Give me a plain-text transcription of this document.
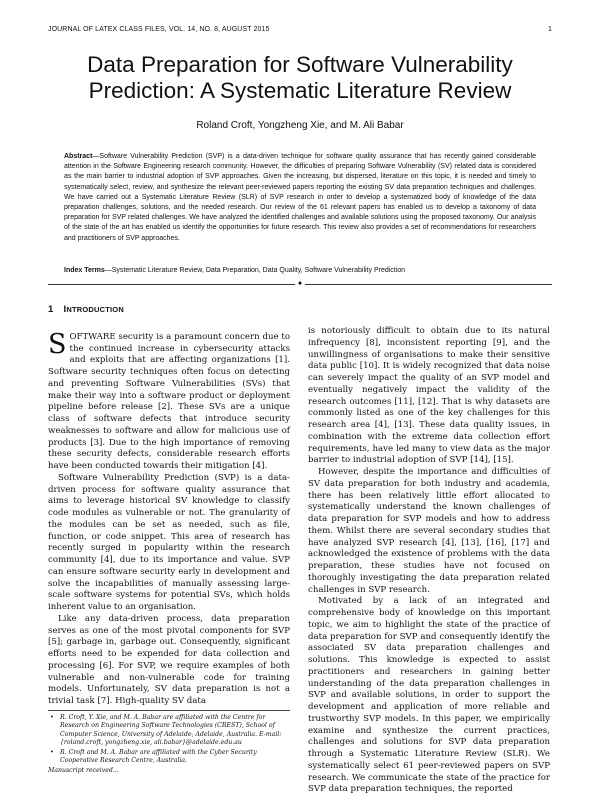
JOURNAL OF LATEX CLASS FILES, VOL. 14, NO. 8, AUGUST 2015	1
Data Preparation for Software Vulnerability Prediction: A Systematic Literature Review
Roland Croft, Yongzheng Xie, and M. Ali Babar
Abstract—Software Vulnerability Prediction (SVP) is a data-driven technique for software quality assurance that has recently gained considerable attention in the Software Engineering research community. However, the difficulties of preparing Software Vulnerability (SV) related data is considered as the main barrier to industrial adoption of SVP approaches. Given the increasing, but dispersed, literature on this topic, it is needed and timely to systematically select, review, and synthesize the relevant peer-reviewed papers reporting the existing SV data preparation techniques and challenges. We have carried out a Systematic Literature Review (SLR) of SVP research in order to develop a systematized body of knowledge of the data preparation challenges, solutions, and the needed research. Our review of the 61 relevant papers has enabled us to develop a taxonomy of data preparation for SVP related challenges. We have analyzed the identified challenges and available solutions using the proposed taxonomy. Our analysis of the state of the art has enabled us identify the opportunities for future research. This review also provides a set of recommendations for researchers and practitioners of SVP approaches.
Index Terms—Systematic Literature Review, Data Preparation, Data Quality, Software Vulnerability Prediction
✦
1 INTRODUCTION

SOFTWARE security is a paramount concern due to the continued increase in cybersecurity attacks and exploits that are affecting organizations [1]. Software security techniques often focus on detecting and preventing Software Vulnerabilities (SVs) that make their way into a software product or deployment pipeline before release [2]. These SVs are a unique class of software defects that introduce security weaknesses to software and allow for malicious use of products [3]. Due to the high importance of removing these security defects, considerable research efforts have been conducted towards their mitigation [4].

Software Vulnerability Prediction (SVP) is a data-driven process for software quality assurance that aims to leverage historical SV knowledge to classify code modules as vulnerable or not. The granularity of the modules can be set as needed, such as file, function, or code snippet. This area of research has recently surged in popularity within the research community [4], due to its importance and value. SVP can ensure software security early in development and solve the incapabilities of manually assessing large-scale software systems for potential SVs, which holds inherent value to an organisation.

Like any data-driven process, data preparation serves as one of the most pivotal components for SVP [5]; garbage in, garbage out. Consequently, significant efforts need to be expended for data collection and processing [6]. For SVP, we require examples of both vulnerable and non-vulnerable code for training models. Unfortunately, SV data preparation is not a trivial task [7]. High-quality SV data

• R. Croft, Y. Xie, and M. A. Babar are affiliated with the Centre for Research on Engineering Software Technologies (CREST), School of Computer Science, University of Adelaide, Adelaide, Australia. E-mail: {roland.croft, yongzheng.xie, ali.babar}@adelaide.edu.au
• R. Croft and M. A. Babar are affiliated with the Cyber Security Cooperative Research Centre, Australia.
Manuscript received...

is notoriously difficult to obtain due to its natural infrequency [8], inconsistent reporting [9], and the unwillingness of organisations to make their sensitive data public [10]. It is widely recognized that data noise can severely impact the quality of an SVP model and eventually negatively impact the validity of the research outcomes [11], [12]. That is why datasets are commonly listed as one of the key challenges for this research area [4], [13]. These data quality issues, in combination with the extreme data collection effort requirements, have led many to view data as the major barrier to industrial adoption of SVP [14], [15].

However, despite the importance and difficulties of SV data preparation for both industry and academia, there has been relatively little effort allocated to systematically understand the known challenges of data preparation for SVP models and how to address them. Whilst there are several secondary studies that have analyzed SVP research [4], [13], [16], [17] and acknowledged the existence of problems with the data preparation, these studies have not focused on thoroughly investigating the data preparation related challenges in SVP research.

Motivated by a lack of an integrated and comprehensive body of knowledge on this important topic, we aim to highlight the state of the practice of data preparation for SVP and consequently identify the associated SV data preparation challenges and solutions. This knowledge is expected to assist practitioners and researchers in gaining better understanding of the data preparation challenges in SVP and available solutions, in order to support the development and application of more reliable and trustworthy SVP models. In this paper, we empirically examine and synthesize the current practices, challenges and solutions for SVP data preparation through a Systematic Literature Review (SLR). We systematically select 61 peer-reviewed papers on SVP research. We communicate the state of the practice for SVP data preparation techniques, the reported
